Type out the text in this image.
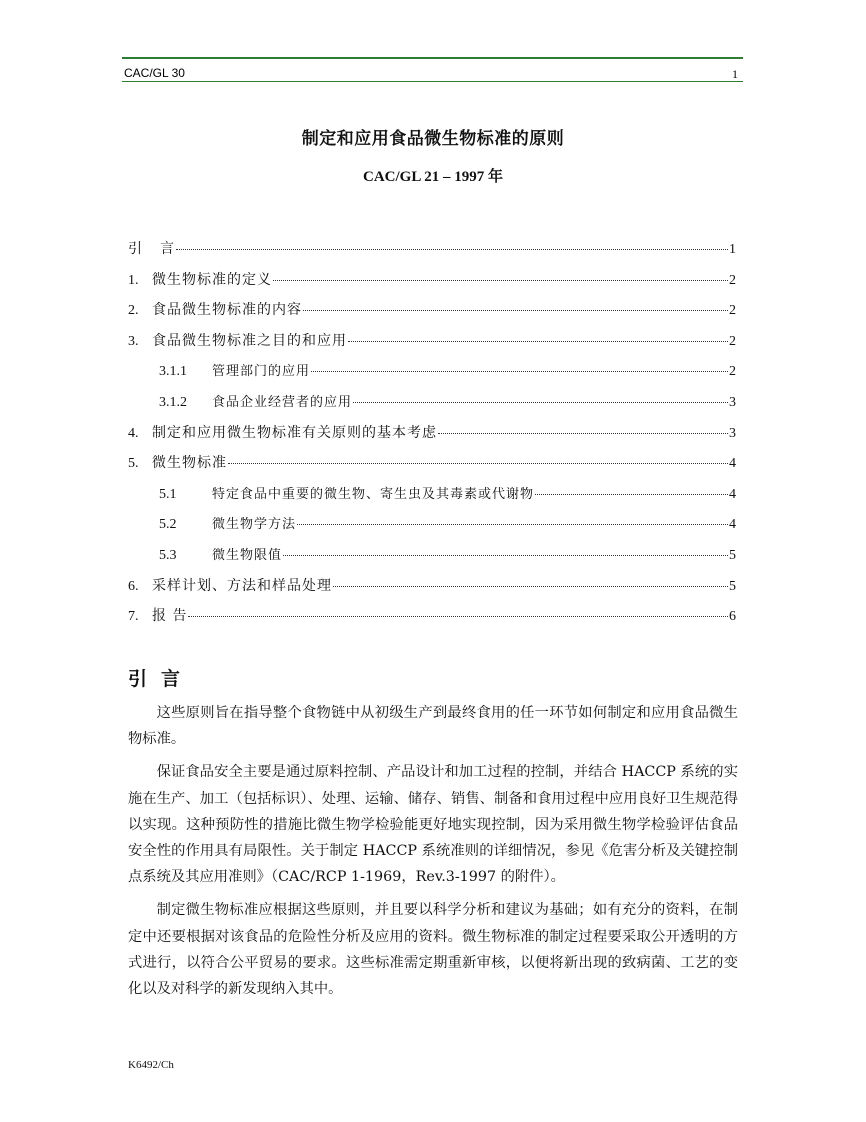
CAC/GL 30	1
制定和应用食品微生物标准的原则
CAC/GL 21 – 1997 年
引	言	1
1. 微生物标准的定义	2
2. 食品微生物标准的内容	2
3. 食品微生物标准之目的和应用	2
3.1.1	管理部门的应用	2
3.1.2	食品企业经营者的应用	3
4. 制定和应用微生物标准有关原则的基本考虑	3
5. 微生物标准	4
5.1	特定食品中重要的微生物、寄生虫及其毒素或代谢物	4
5.2	微生物学方法	4
5.3	微生物限值	5
6. 采样计划、方法和样品处理	5
7. 报 告	6
引言

这些原则旨在指导整个食物链中从初级生产到最终食用的任一环节如何制定和应用食品微生物标准。

保证食品安全主要是通过原料控制、产品设计和加工过程的控制，并结合 HACCP 系统的实施在生产、加工（包括标识）、处理、运输、储存、销售、制备和食用过程中应用良好卫生规范得以实现。这种预防性的措施比微生物学检验能更好地实现控制，因为采用微生物学检验评估食品安全性的作用具有局限性。关于制定 HACCP 系统准则的详细情况，参见《危害分析及关键控制点系统及其应用准则》（CAC/RCP 1-1969，Rev.3-1997 的附件）。

制定微生物标准应根据这些原则，并且要以科学分析和建议为基础；如有充分的资料，在制定中还要根据对该食品的危险性分析及应用的资料。微生物标准的制定过程要采取公开透明的方式进行，以符合公平贸易的要求。这些标准需定期重新审核，以便将新出现的致病菌、工艺的变化以及对科学的新发现纳入其中。

K6492/Ch
